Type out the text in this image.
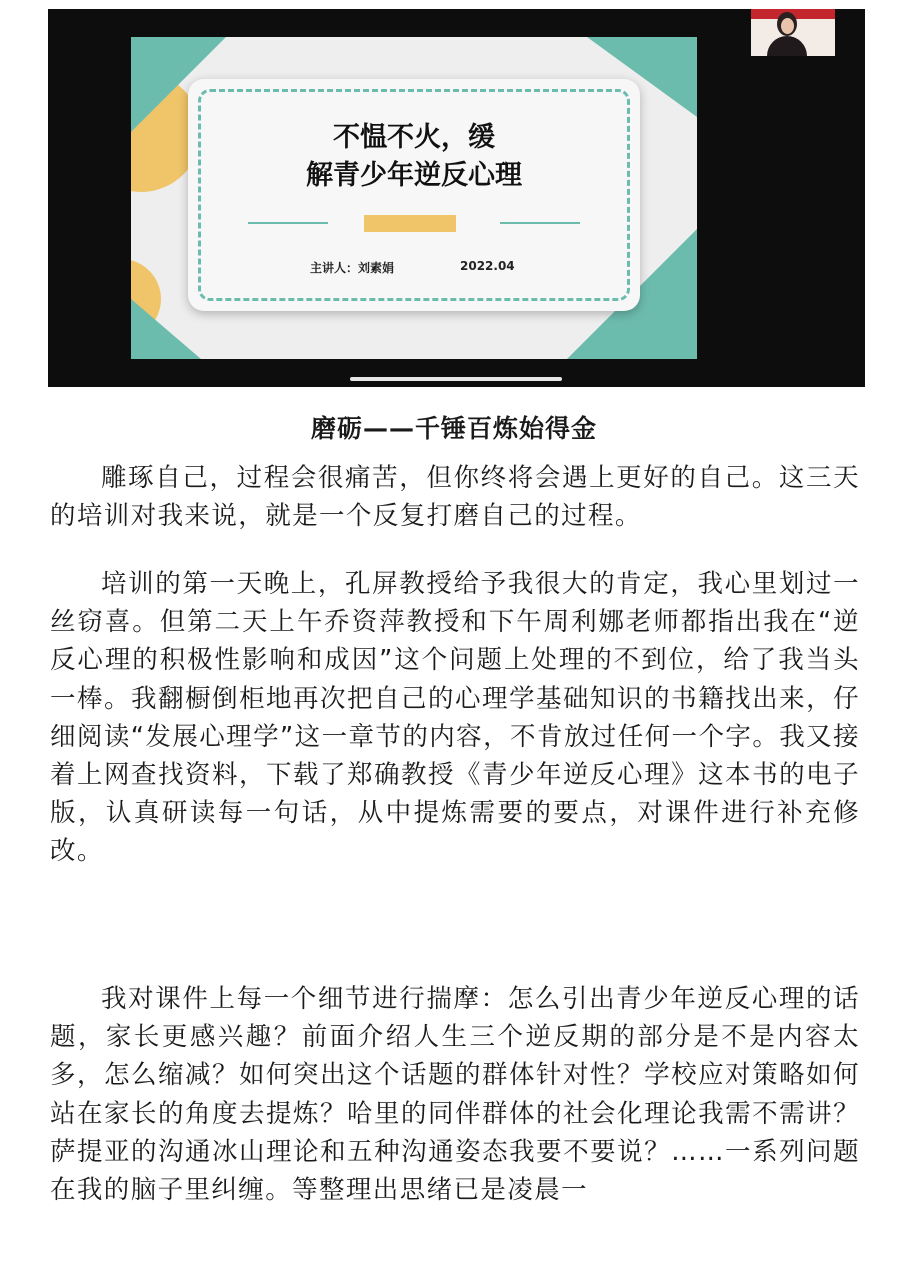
不愠不火，缓
解青少年逆反心理
主讲人：刘素娟	2022.04
磨砺——千锤百炼始得金

雕琢自己，过程会很痛苦，但你终将会遇上更好的自己。这三天的培训对我来说，就是一个反复打磨自己的过程。

培训的第一天晚上，孔屏教授给予我很大的肯定，我心里划过一丝窃喜。但第二天上午乔资萍教授和下午周利娜老师都指出我在“逆反心理的积极性影响和成因”这个问题上处理的不到位，给了我当头一棒。我翻橱倒柜地再次把自己的心理学基础知识的书籍找出来，仔细阅读“发展心理学”这一章节的内容，不肯放过任何一个字。我又接着上网查找资料，下载了郑确教授《青少年逆反心理》这本书的电子版，认真研读每一句话，从中提炼需要的要点，对课件进行补充修改。

我对课件上每一个细节进行揣摩：怎么引出青少年逆反心理的话题，家长更感兴趣？前面介绍人生三个逆反期的部分是不是内容太多，怎么缩减？如何突出这个话题的群体针对性？学校应对策略如何站在家长的角度去提炼？哈里的同伴群体的社会化理论我需不需讲？萨提亚的沟通冰山理论和五种沟通姿态我要不要说？……一系列问题在我的脑子里纠缠。等整理出思绪已是凌晨一
